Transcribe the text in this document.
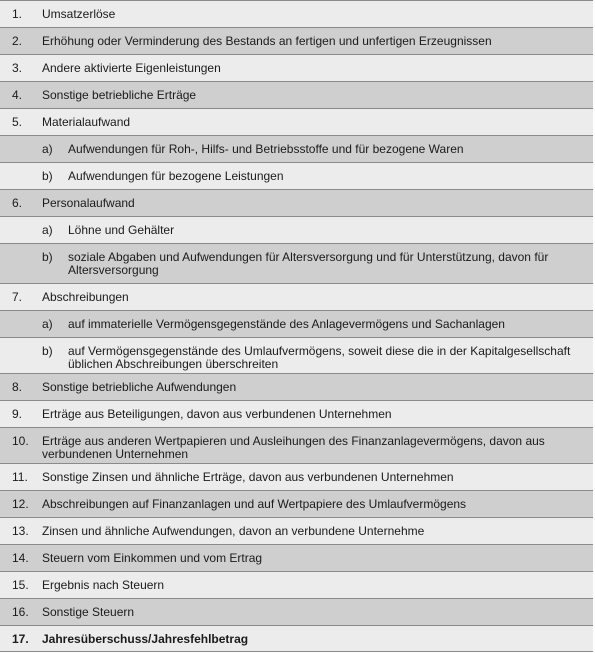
1. Umsatzerlöse
2. Erhöhung oder Verminderung des Bestands an fertigen und unfertigen Erzeugnissen
3. Andere aktivierte Eigenleistungen
4. Sonstige betriebliche Erträge
5. Materialaufwand
a) Aufwendungen für Roh-, Hilfs- und Betriebsstoffe und für bezogene Waren
b) Aufwendungen für bezogene Leistungen
6. Personalaufwand
a) Löhne und Gehälter
b) soziale Abgaben und Aufwendungen für Altersversorgung und für Unterstützung, davon für Altersversorgung
7. Abschreibungen
a) auf immaterielle Vermögensgegenstände des Anlagevermögens und Sachanlagen
b) auf Vermögensgegenstände des Umlaufvermögens, soweit diese die in der Kapitalgesellschaft üblichen Abschreibungen überschreiten
8. Sonstige betriebliche Aufwendungen
9. Erträge aus Beteiligungen, davon aus verbundenen Unternehmen
10. Erträge aus anderen Wertpapieren und Ausleihungen des Finanzanlagevermögens, davon aus verbundenen Unternehmen
11. Sonstige Zinsen und ähnliche Erträge, davon aus verbundenen Unternehmen
12. Abschreibungen auf Finanzanlagen und auf Wertpapiere des Umlaufvermögens
13. Zinsen und ähnliche Aufwendungen, davon an verbundene Unternehme
14. Steuern vom Einkommen und vom Ertrag
15. Ergebnis nach Steuern
16. Sonstige Steuern
17. Jahresüberschuss/Jahresfehlbetrag
